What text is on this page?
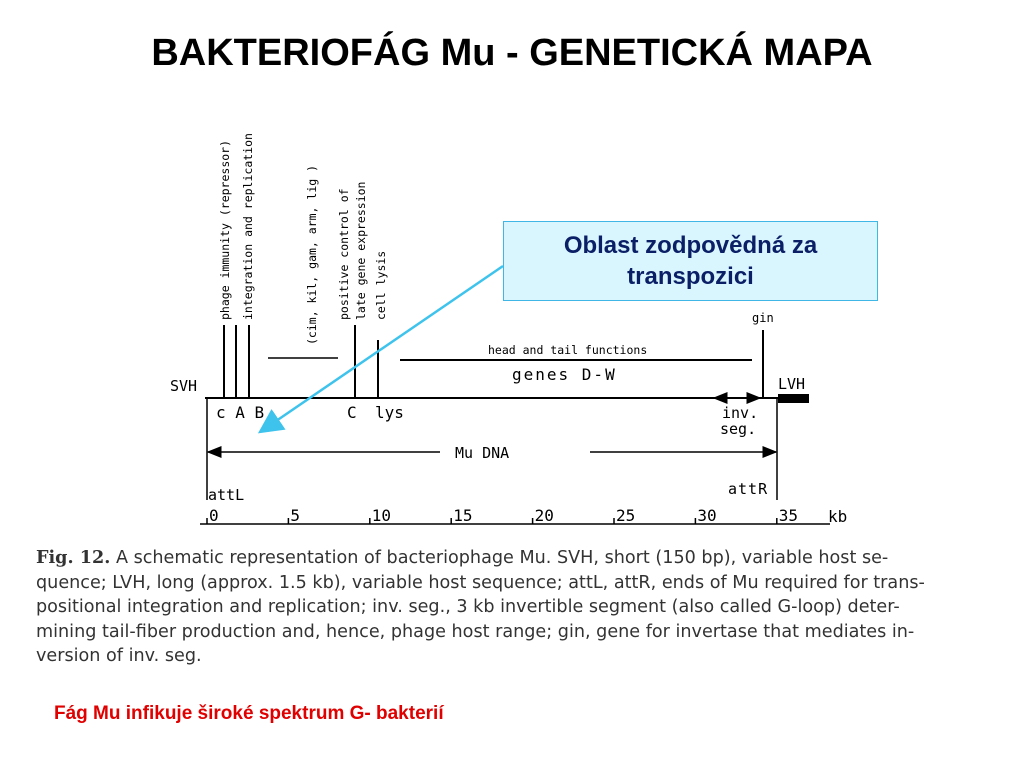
BAKTERIOFÁG Mu - GENETICKÁ MAPA
phage immunity (repressor) integration and replication	(cim, kil, gam, arm, lig ) positive control of late gene expression cell lysis
head and tail functions
genes D-W
gin
SVH	LVH
c A B	C lys	inv.
seg.
Mu DNA
attL	attR
0	5	10	15	20	25	30	35 kb
Oblast zodpovědná za transpozici
Fig. 12. A schematic representation of bacteriophage Mu. SVH, short (150 bp), variable host se-
quence; LVH, long (approx. 1.5 kb), variable host sequence; attL, attR, ends of Mu required for trans-
positional integration and replication; inv. seg., 3 kb invertible segment (also called G-loop) deter-
mining tail-fiber production and, hence, phage host range; gin, gene for invertase that mediates in-
version of inv. seg.
Fág Mu infikuje široké spektrum G- bakterií
